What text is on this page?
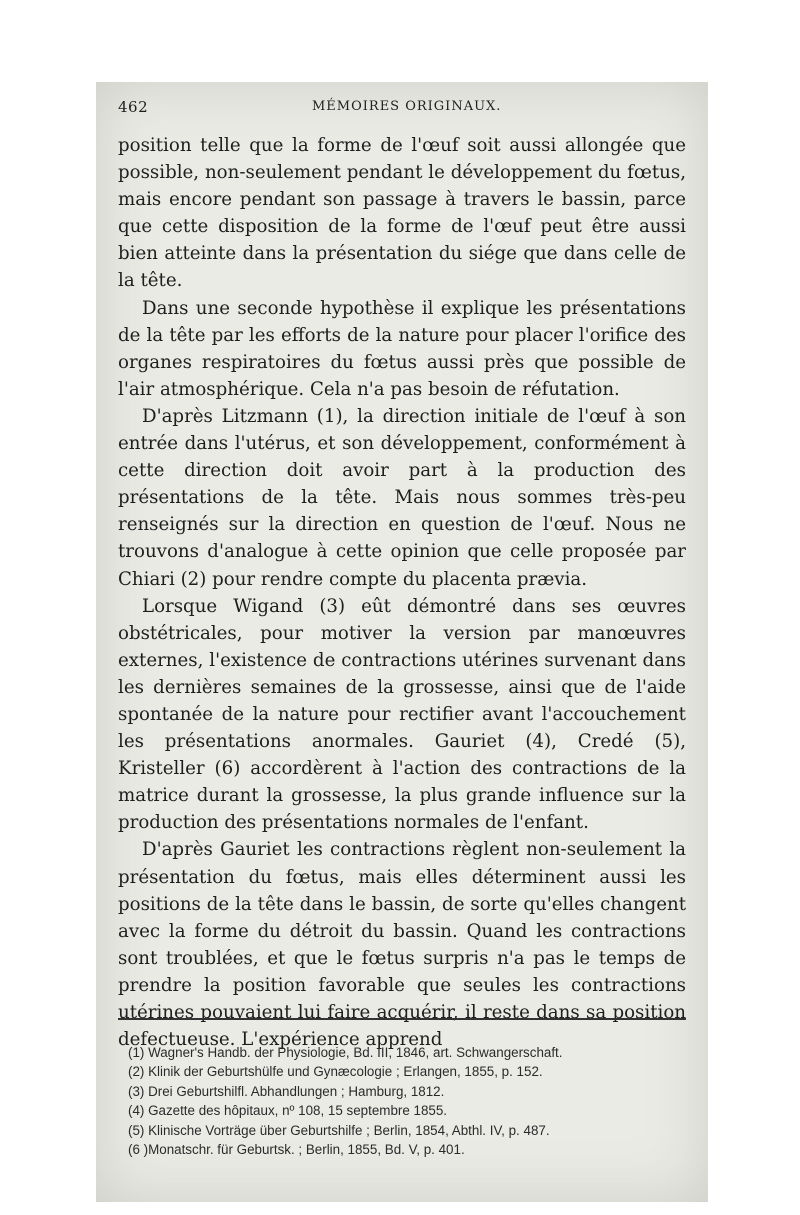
462	MÉMOIRES ORIGINAUX.

position telle que la forme de l'œuf soit aussi allongée que possible, non-seulement pendant le développement du fœtus, mais encore pendant son passage à travers le bassin, parce que cette disposition de la forme de l'œuf peut être aussi bien atteinte dans la présentation du siége que dans celle de la tête.

Dans une seconde hypothèse il explique les présentations de la tête par les efforts de la nature pour placer l'orifice des organes respiratoires du fœtus aussi près que possible de l'air atmosphérique. Cela n'a pas besoin de réfutation.

D'après Litzmann (1), la direction initiale de l'œuf à son entrée dans l'utérus, et son développement, conformément à cette direction doit avoir part à la production des présentations de la tête. Mais nous sommes très-peu renseignés sur la direction en question de l'œuf. Nous ne trouvons d'analogue à cette opinion que celle proposée par Chiari (2) pour rendre compte du placenta prævia.

Lorsque Wigand (3) eût démontré dans ses œuvres obstétricales, pour motiver la version par manœuvres externes, l'existence de contractions utérines survenant dans les dernières semaines de la grossesse, ainsi que de l'aide spontanée de la nature pour rectifier avant l'accouchement les présentations anormales. Gauriet (4), Credé (5), Kristeller (6) accordèrent à l'action des contractions de la matrice durant la grossesse, la plus grande influence sur la production des présentations normales de l'enfant.

D'après Gauriet les contractions règlent non-seulement la présentation du fœtus, mais elles déterminent aussi les positions de la tête dans le bassin, de sorte qu'elles changent avec la forme du détroit du bassin. Quand les contractions sont troublées, et que le fœtus surpris n'a pas le temps de prendre la position favorable que seules les contractions utérines pouvaient lui faire acquérir, il reste dans sa position defectueuse. L'expérience apprend

(1) Wagner's Handb. der Physiologie, Bd. III, 1846, art. Schwangerschaft.
(2) Klinik der Geburtshülfe und Gynæcologie ; Erlangen, 1855, p. 152.
(3) Drei Geburtshilfl. Abhandlungen ; Hamburg, 1812.
(4) Gazette des hôpitaux, nº 108, 15 septembre 1855.
(5) Klinische Vorträge über Geburtshilfe ; Berlin, 1854, Abthl. IV, p. 487.
(6 )Monatschr. für Geburtsk. ; Berlin, 1855, Bd. V, p. 401.
